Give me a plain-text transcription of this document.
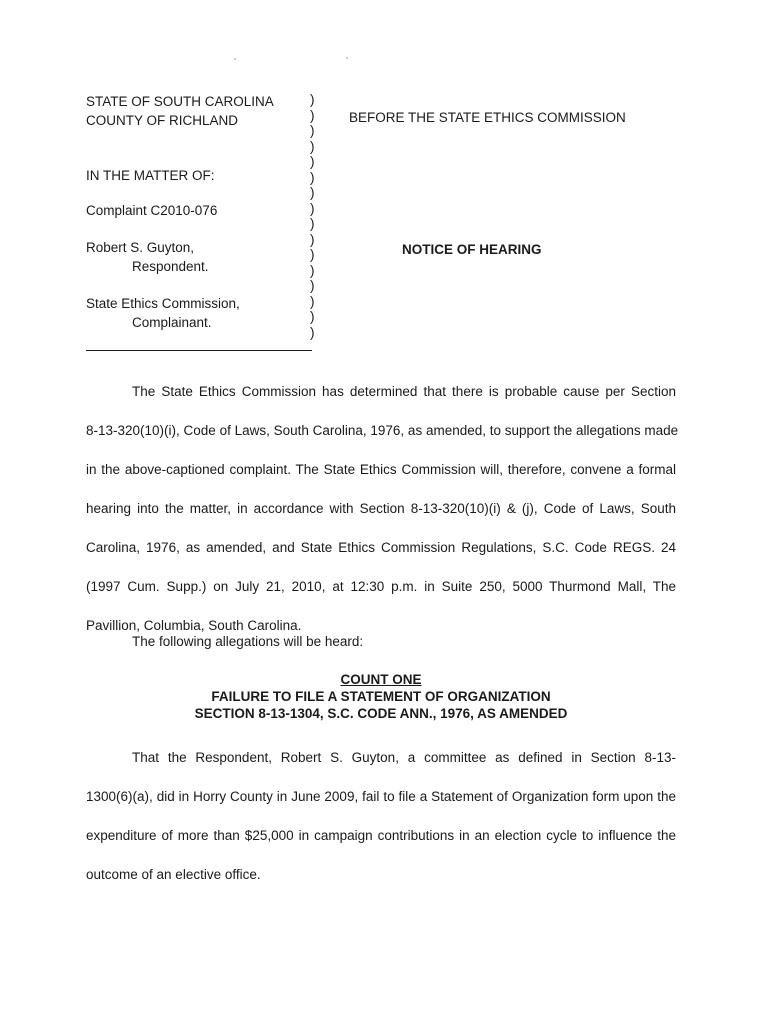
STATE OF SOUTH CAROLINA
COUNTY OF RICHLAND
IN THE MATTER OF:
Complaint C2010-076
Robert S. Guyton,
Respondent.
State Ethics Commission,
Complainant.
)
)
)
)
)
)
)
)
)
)
)
)
)
)
)
)
BEFORE THE STATE ETHICS COMMISSION
NOTICE OF HEARING
The State Ethics Commission has determined that there is probable cause per Section
8-13-320(10)(i), Code of Laws, South Carolina, 1976, as amended, to support the allegations made
in the above-captioned complaint. The State Ethics Commission will, therefore, convene a formal
hearing into the matter, in accordance with Section 8-13-320(10)(i) & (j), Code of Laws, South
Carolina, 1976, as amended, and State Ethics Commission Regulations, S.C. Code REGS. 24
(1997 Cum. Supp.) on July 21, 2010, at 12:30 p.m. in Suite 250, 5000 Thurmond Mall, The
Pavillion, Columbia, South Carolina.
The following allegations will be heard:
COUNT ONE
FAILURE TO FILE A STATEMENT OF ORGANIZATION
SECTION 8-13-1304, S.C. CODE ANN., 1976, AS AMENDED
That the Respondent, Robert S. Guyton, a committee as defined in Section 8-13-
1300(6)(a), did in Horry County in June 2009, fail to file a Statement of Organization form upon the
expenditure of more than $25,000 in campaign contributions in an election cycle to influence the
outcome of an elective office.
